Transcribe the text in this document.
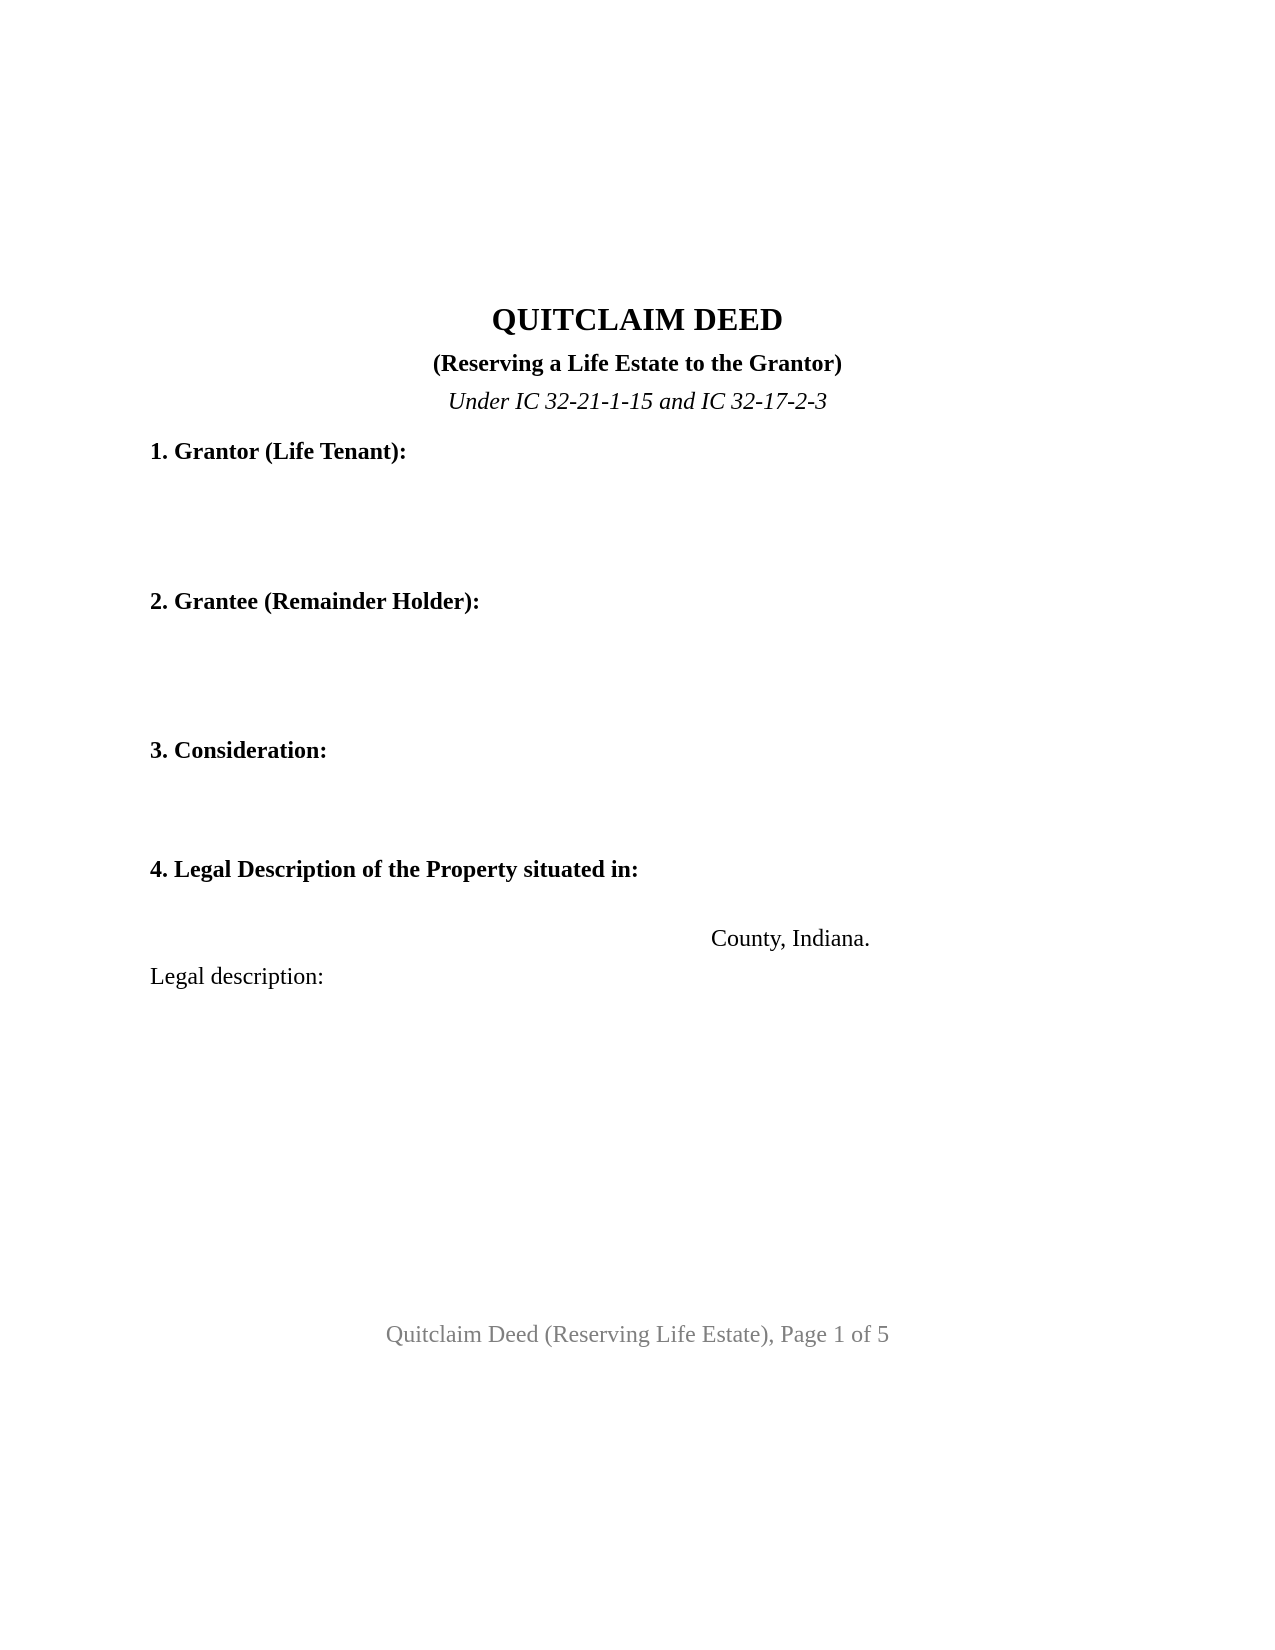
QUITCLAIM DEED
(Reserving a Life Estate to the Grantor)
Under IC 32-21-1-15 and IC 32-17-2-3
1. Grantor (Life Tenant):
2. Grantee (Remainder Holder):
3. Consideration:
4. Legal Description of the Property situated in:
County, Indiana.
Legal description:
Quitclaim Deed (Reserving Life Estate), Page 1 of 5
